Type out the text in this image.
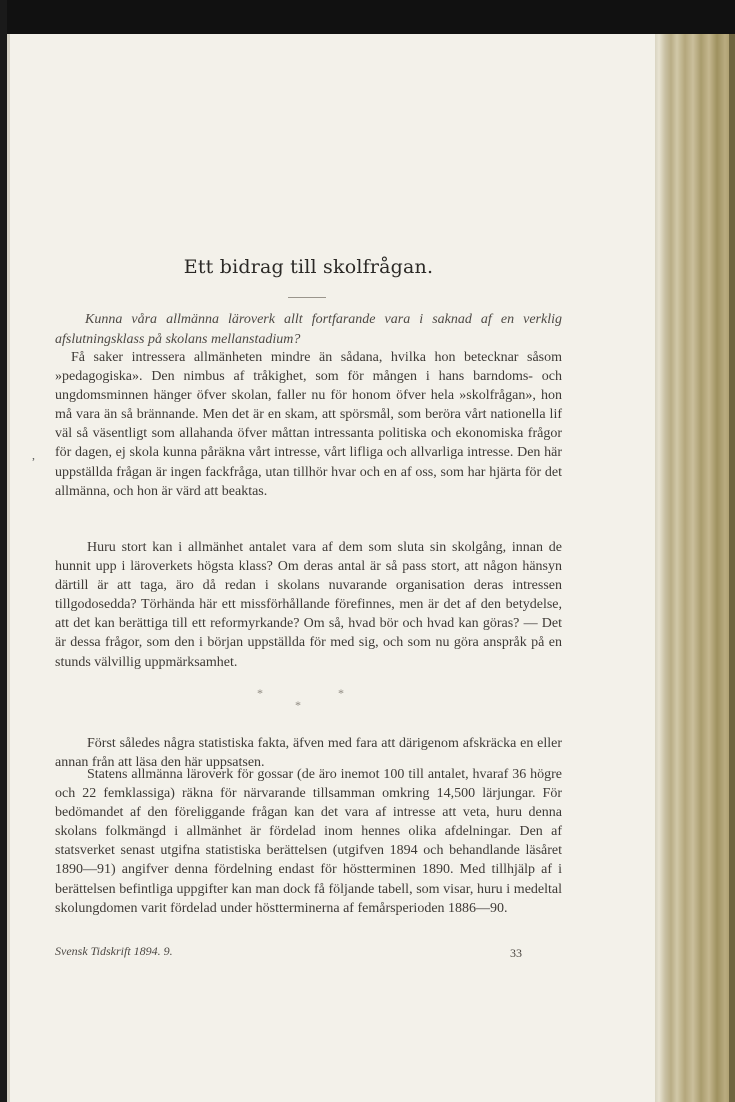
,
Ett bidrag till skolfrågan.
Kunna våra allmänna läroverk allt fortfarande vara i saknad af en verklig afslutningsklass på skolans mellanstadium?

Få saker intressera allmänheten mindre än sådana, hvilka hon betecknar såsom »pedagogiska». Den nimbus af tråkighet, som för mången i hans barndoms- och ungdomsminnen hänger öfver skolan, faller nu för honom öfver hela »skolfrågan», hon må vara än så brännande. Men det är en skam, att spörsmål, som beröra vårt nationella lif väl så väsentligt som allahanda öfver måttan intressanta politiska och ekonomiska frågor för dagen, ej skola kunna påräkna vårt intresse, vårt lifliga och allvarliga intresse. Den här uppställda frågan är ingen fackfråga, utan tillhör hvar och en af oss, som har hjärta för det allmänna, och hon är värd att beaktas.

Huru stort kan i allmänhet antalet vara af dem som sluta sin skolgång, innan de hunnit upp i läroverkets högsta klass? Om deras antal är så pass stort, att någon hänsyn därtill är att taga, äro då redan i skolans nuvarande organisation deras intressen tillgodosedda? Törhända här ett missförhållande förefinnes, men är det af den betydelse, att det kan berättiga till ett reformyrkande? Om så, hvad bör och hvad kan göras? — Det är dessa frågor, som den i början uppställda för med sig, och som nu göra anspråk på en stunds välvillig uppmärksamhet.

*	*
*

Först således några statistiska fakta, äfven med fara att därigenom afskräcka en eller annan från att läsa den här uppsatsen.

Statens allmänna läroverk för gossar (de äro inemot 100 till antalet, hvaraf 36 högre och 22 femklassiga) räkna för närvarande tillsamman omkring 14,500 lärjungar. För bedömandet af den föreliggande frågan kan det vara af intresse att veta, huru denna skolans folkmängd i allmänhet är fördelad inom hennes olika afdelningar. Den af statsverket senast utgifna statistiska berättelsen (utgifven 1894 och behandlande läsåret 1890—91) angifver denna fördelning endast för höstterminen 1890. Med tillhjälp af i berättelsen befintliga uppgifter kan man dock få följande tabell, som visar, huru i medeltal skolungdomen varit fördelad under höstterminerna af femårsperioden 1886—90.

Svensk Tidskrift 1894. 9.	33
